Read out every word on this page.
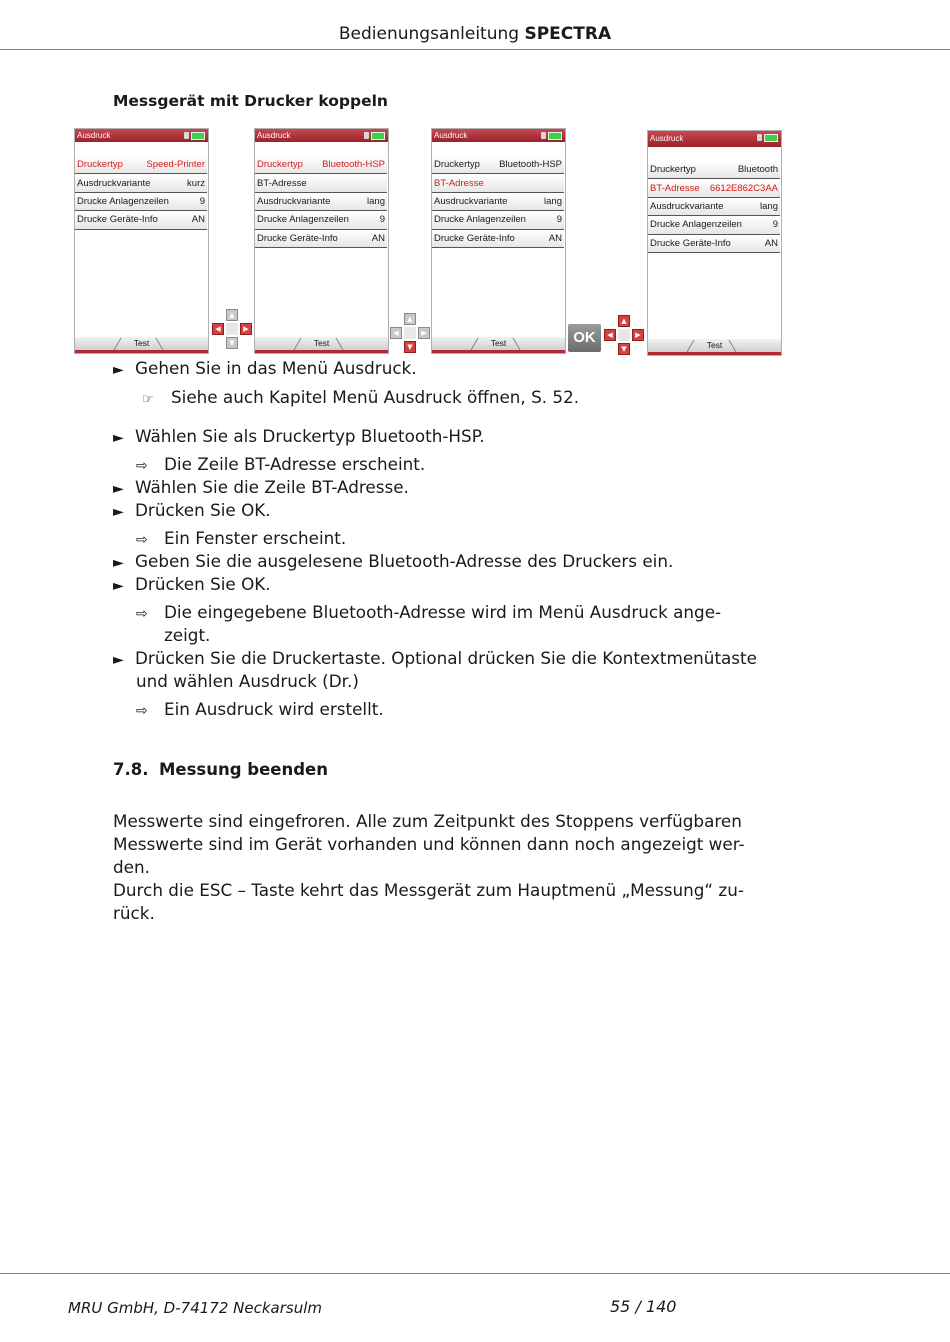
Bedienungsanleitung SPECTRA
Messgerät mit Drucker koppeln
Ausdruck
Druckertyp Speed-Printer
Ausdruckvariante	kurz
Drucke Anlagenzeilen	9
Drucke Geräte-Info	AN
Test
▲
◀	▶
▼
Ausdruck
Druckertyp Bluetooth-HSP
BT-Adresse
Ausdruckvariante	lang
Drucke Anlagenzeilen	9
Drucke Geräte-Info	AN
Test
▲
◀	▶
▼
Ausdruck
Druckertyp Bluetooth-HSP
BT-Adresse
Ausdruckvariante	lang
Drucke Anlagenzeilen	9
Drucke Geräte-Info	AN
Test	OK
▲
◀	▶
▼
Ausdruck
Druckertyp	Bluetooth
BT-Adresse 6612E862C3AA
Ausdruckvariante	lang
Drucke Anlagenzeilen	9
Drucke Geräte-Info	AN
Test
► Gehen Sie in das Menü Ausdruck.
☞ Siehe auch Kapitel Menü Ausdruck öffnen, S. 52.
► Wählen Sie als Druckertyp Bluetooth-HSP.
⇨ Die Zeile BT-Adresse erscheint.
► Wählen Sie die Zeile BT-Adresse.
► Drücken Sie OK.
⇨ Ein Fenster erscheint.
► Geben Sie die ausgelesene Bluetooth-Adresse des Druckers ein.
► Drücken Sie OK.
⇨ Die eingegebene Bluetooth-Adresse wird im Menü Ausdruck ange-
zeigt.
► Drücken Sie die Druckertaste. Optional drücken Sie die Kontextmenütaste
und wählen Ausdruck (Dr.)
⇨ Ein Ausdruck wird erstellt.
7.8. Messung beenden
Messwerte sind eingefroren. Alle zum Zeitpunkt des Stoppens verfügbaren
Messwerte sind im Gerät vorhanden und können dann noch angezeigt wer-
den.
Durch die ESC – Taste kehrt das Messgerät zum Hauptmenü „Messung“ zu-
rück.
MRU GmbH, D-74172 Neckarsulm	55 / 140
